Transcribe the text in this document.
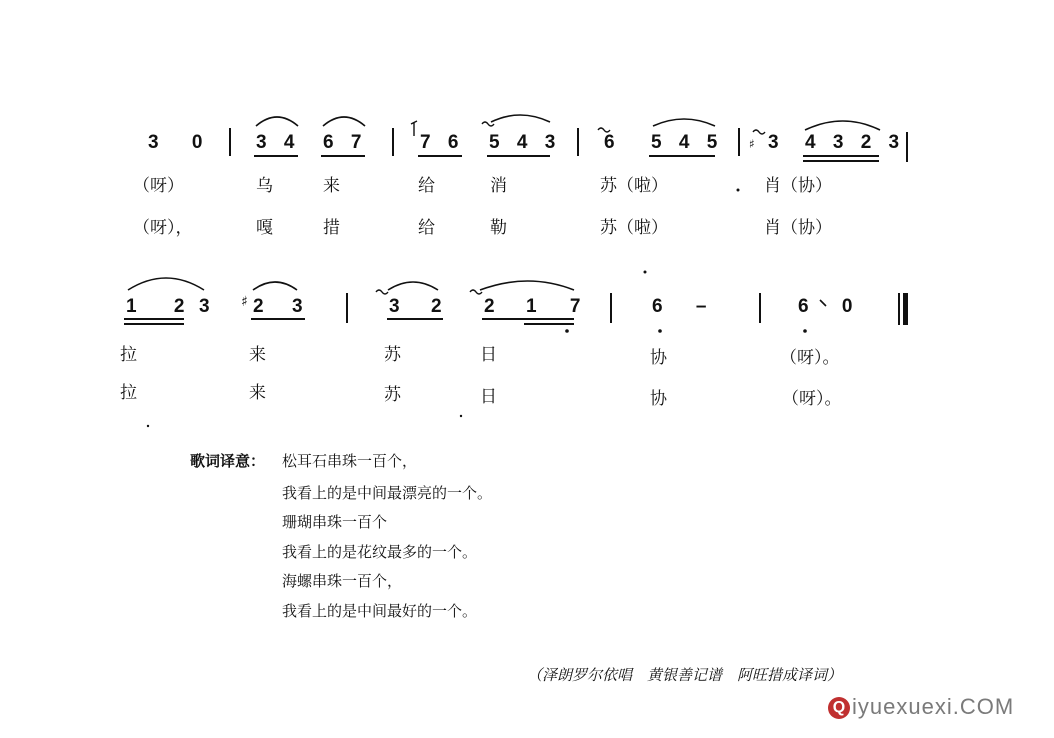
3 0 3 4 6 7	7 6 5 4 3 6 5 4 5 3 4 3 2 3
♯
♯
（呀）	乌	来	给	消	苏（啦）	肖（协）
（呀），	嘎	措	给	勒	苏（啦）	肖（协）
1 2
3 2 3	3 2 2 1 7	6 –	6 0
拉	来	苏	日	协	（呀）。
拉	来	苏	日	协	（呀）。
歌词译意： 松耳石串珠一百个，
我看上的是中间最漂亮的一个。
珊瑚串珠一百个
我看上的是花纹最多的一个。
海螺串珠一百个，
我看上的是中间最好的一个。
（泽朗罗尔依唱　黄银善记谱　阿旺措成译词）
Q iyuexuexi.COM
